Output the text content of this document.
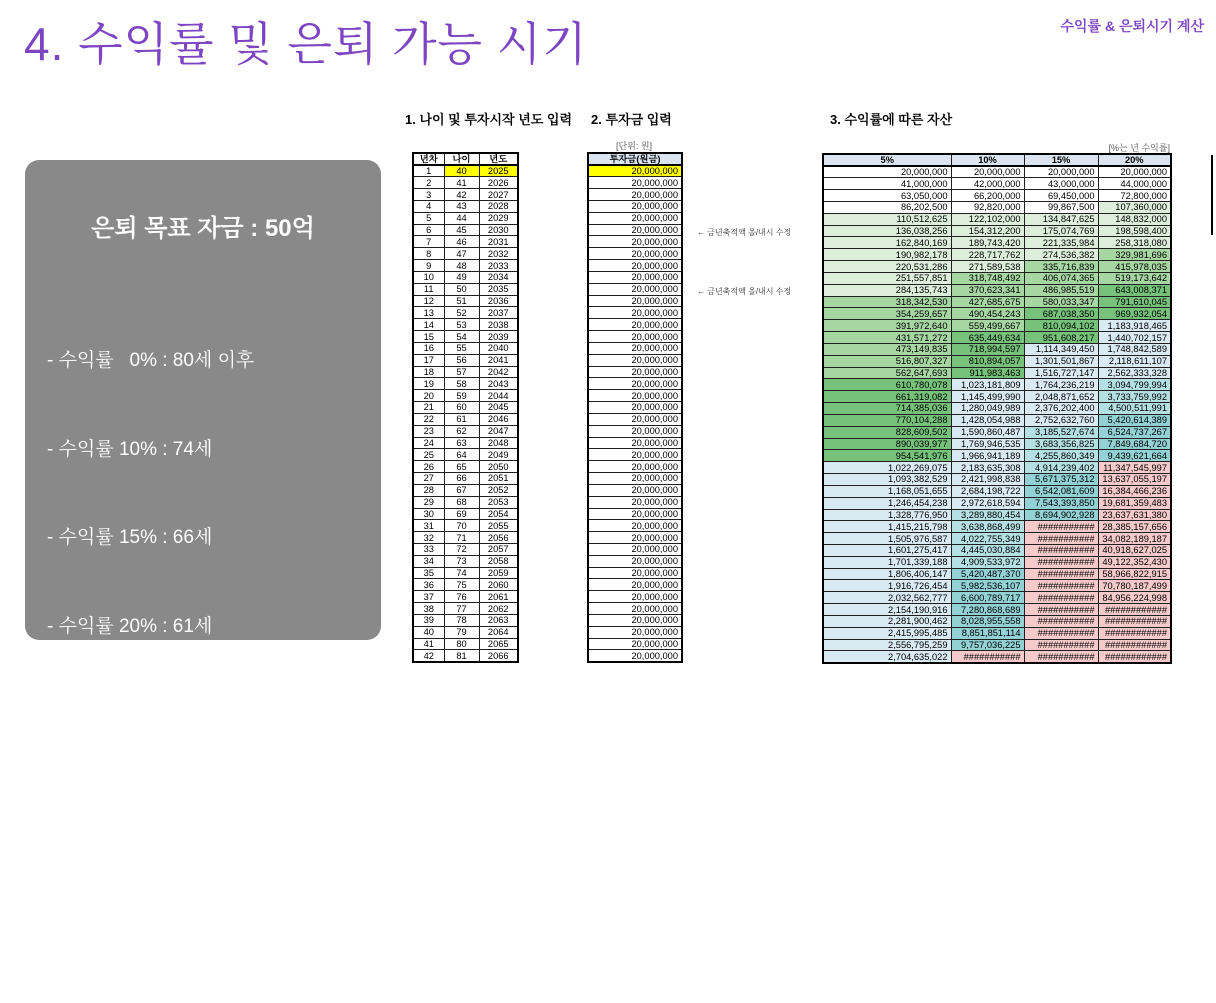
4. 수익률 및 은퇴 가능 시기	수익률 & 은퇴시기 계산
은퇴 목표 자금 : 50억

- 수익률   0% : 80세 이후

- 수익률 10% : 74세

- 수익률 15% : 66세

- 수익률 20% : 61세

목표 은퇴시기를 달성하기 위해

- 연 2천만원 저축 및 투자 3채

- 수익률 20% 달성 (잃지않는 투자)

1. 나이 및 투자시작 년도 입력	2. 투자금 입력	3. 수익률에 따른 자산
[단위: 원]	[%는 년 수익률]
년차	나이	년도
1	40	2025
2	41	2026
3	42	2027
4	43	2028
5	44	2029
6	45	2030
7	46	2031
8	47	2032
9	48	2033
10	49	2034
11	50	2035
12	51	2036
13	52	2037
14	53	2038
15	54	2039
16	55	2040
17	56	2041
18	57	2042
19	58	2043
20	59	2044
21	60	2045
22	61	2046
23	62	2047
24	63	2048
25	64	2049
26	65	2050
27	66	2051
28	67	2052
29	68	2053
30	69	2054
31	70	2055
32	71	2056
33	72	2057
34	73	2058
35	74	2059
36	75	2060
37	76	2061
38	77	2062
39	78	2063
40	79	2064
41	80	2065
42	81	2066
투자금(원금)
20,000,000
20,000,000
20,000,000
20,000,000
20,000,000
20,000,000
20,000,000
20,000,000
20,000,000
20,000,000
20,000,000
20,000,000
20,000,000
20,000,000
20,000,000
20,000,000
20,000,000
20,000,000
20,000,000
20,000,000
20,000,000
20,000,000
20,000,000
20,000,000
20,000,000
20,000,000
20,000,000
20,000,000
20,000,000
20,000,000
20,000,000
20,000,000
20,000,000
20,000,000
20,000,000
20,000,000
20,000,000
20,000,000
20,000,000
20,000,000
20,000,000
20,000,000
5%	10%	15%	20%
20,000,000	20,000,000	20,000,000	20,000,000
41,000,000	42,000,000	43,000,000	44,000,000
63,050,000	66,200,000	69,450,000	72,800,000
86,202,500	92,820,000	99,867,500	107,360,000
110,512,625	122,102,000	134,847,625	148,832,000
136,038,256	154,312,200	175,074,769	198,598,400
162,840,169	189,743,420	221,335,984	258,318,080
190,982,178	228,717,762	274,536,382	329,981,696
220,531,286	271,589,538	335,716,839	415,978,035
251,557,851	318,748,492	406,074,365	519,173,642
284,135,743	370,623,341	486,985,519	643,008,371
318,342,530	427,685,675	580,033,347	791,610,045
354,259,657	490,454,243	687,038,350	969,932,054
391,972,640	559,499,667	810,094,102	1,183,918,465
431,571,272	635,449,634	951,608,217	1,440,702,157
473,149,835	718,994,597	1,114,349,450	1,748,842,589
516,807,327	810,894,057	1,301,501,867	2,118,611,107
562,647,693	911,983,463	1,516,727,147	2,562,333,328
610,780,078	1,023,181,809	1,764,236,219	3,094,799,994
661,319,082	1,145,499,990	2,048,871,652	3,733,759,992
714,385,036	1,280,049,989	2,376,202,400	4,500,511,991
770,104,288	1,428,054,988	2,752,632,760	5,420,614,389
828,609,502	1,590,860,487	3,185,527,674	6,524,737,267
890,039,977	1,769,946,535	3,683,356,825	7,849,684,720
954,541,976	1,966,941,189	4,255,860,349	9,439,621,664
1,022,269,075	2,183,635,308	4,914,239,402	11,347,545,997
1,093,382,529	2,421,998,838	5,671,375,312	13,637,055,197
1,168,051,655	2,684,198,722	6,542,081,609	16,384,466,236
1,246,454,238	2,972,618,594	7,543,393,850	19,681,359,483
1,328,776,950	3,289,880,454	8,694,902,928	23,637,631,380
1,415,215,798	3,638,868,499	###########	28,385,157,656
1,505,976,587	4,022,755,349	###########	34,082,189,187
1,601,275,417	4,445,030,884	###########	40,918,627,025
1,701,339,188	4,909,533,972	###########	49,122,352,430
1,806,406,147	5,420,487,370	###########	58,966,822,915
1,916,726,454	5,982,536,107	###########	70,780,187,499
2,032,562,777	6,600,789,717	###########	84,956,224,998
2,154,190,916	7,280,868,689	###########	############
2,281,900,462	8,028,955,558	###########	############
2,415,995,485	8,851,851,114	###########	############
2,556,795,259	9,757,036,225	###########	############
2,704,635,022	###########	###########	############
← 금년축적액 올/내시 수정
← 금년축적액 올/내시 수정
